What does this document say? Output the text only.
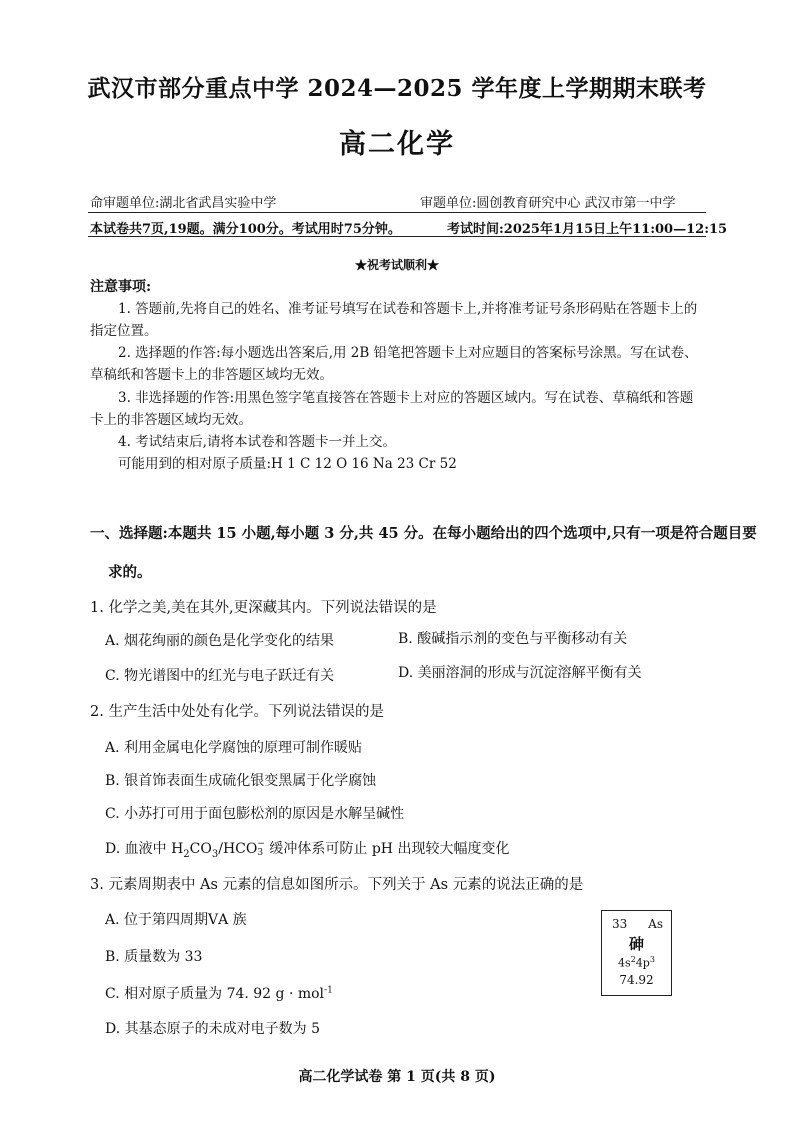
武汉市部分重点中学 2024—2025 学年度上学期期末联考
高二化学
命审题单位:湖北省武昌实验中学	审题单位:圆创教育研究中心 武汉市第一中学
本试卷共7页,19题。满分100分。考试用时75分钟。	考试时间:2025年1月15日上午11:00—12:15
★祝考试顺利★
注意事项:
1. 答题前,先将自己的姓名、准考证号填写在试卷和答题卡上,并将准考证号条形码贴在答题卡上的
指定位置。
2. 选择题的作答:每小题选出答案后,用 2B 铅笔把答题卡上对应题目的答案标号涂黑。写在试卷、
草稿纸和答题卡上的非答题区域均无效。
3. 非选择题的作答:用黑色签字笔直接答在答题卡上对应的答题区域内。写在试卷、草稿纸和答题
卡上的非答题区域均无效。
4. 考试结束后,请将本试卷和答题卡一并上交。
可能用到的相对原子质量:H 1 C 12 O 16 Na 23 Cr 52
一、选择题:本题共 15 小题,每小题 3 分,共 45 分。在每小题给出的四个选项中,只有一项是符合题目要
求的。
1. 化学之美,美在其外,更深藏其内。下列说法错误的是
A. 烟花绚丽的颜色是化学变化的结果	B. 酸碱指示剂的变色与平衡移动有关
C. 物光谱图中的红光与电子跃迁有关	D. 美丽溶洞的形成与沉淀溶解平衡有关
2. 生产生活中处处有化学。下列说法错误的是
A. 利用金属电化学腐蚀的原理可制作暖贴
B. 银首饰表面生成硫化银变黑属于化学腐蚀
C. 小苏打可用于面包膨松剂的原因是水解呈碱性
D. 血液中 $H_2CO_3$/HCO −
3 缓冲体系可防止 pH 出现较大幅度变化
3. 元素周期表中 As 元素的信息如图所示。下列关于 As 元素的说法正确的是
A. 位于第四周期ⅤA 族
B. 质量数为 33
C. 相对原子质量为 74. 92 g · mol$^{-1}$
D. 其基态原子的未成对电子数为 5
33 As
砷
$4s^24p^3$
74.92
高二化学试卷 第 1 页(共 8 页)
